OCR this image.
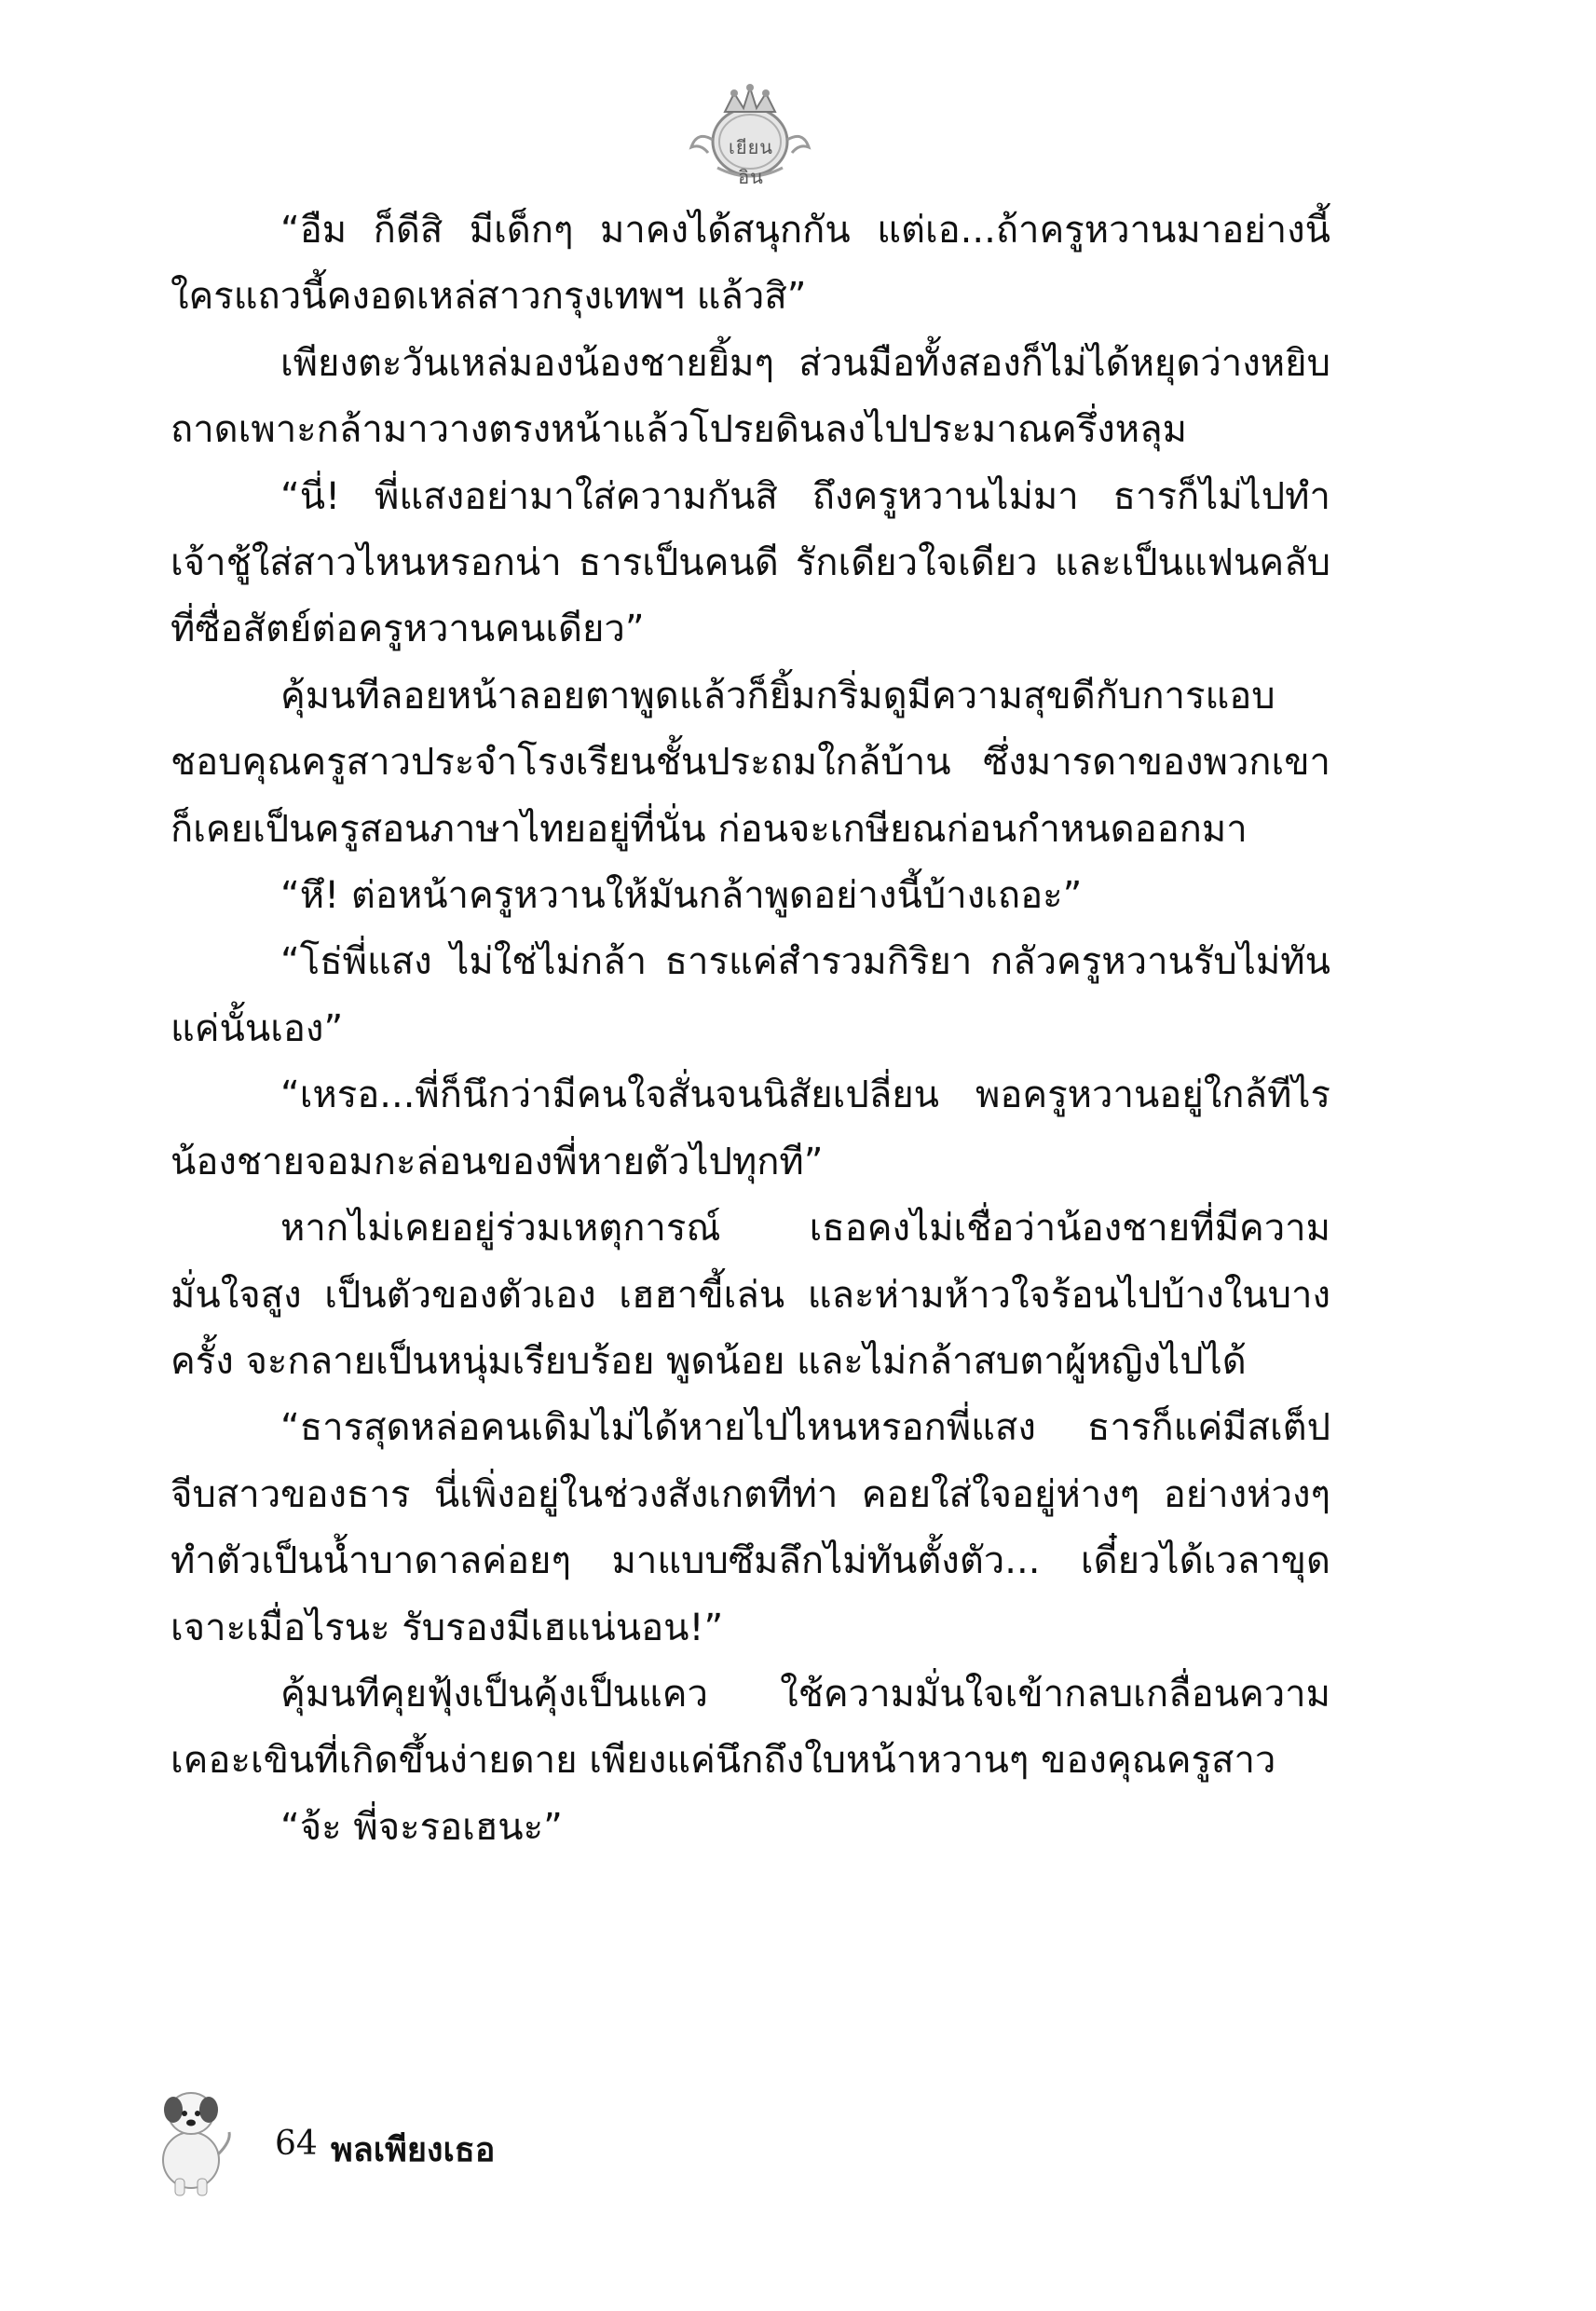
เยียนอิน

“อืม ก็ดีสิ มีเด็กๆ มาคงได้สนุกกัน แต่เอ...ถ้าครูหวานมาอย่างนี้ใครแถวนี้คงอดเหล่สาวกรุงเทพฯ แล้วสิ”

เพียงตะวันเหล่มองน้องชายยิ้มๆ ส่วนมือทั้งสองก็ไม่ได้หยุดว่างหยิบถาดเพาะกล้ามาวางตรงหน้าแล้วโปรยดินลงไปประมาณครึ่งหลุม

“นี่! พี่แสงอย่ามาใส่ความกันสิ ถึงครูหวานไม่มา ธารก็ไม่ไปทำเจ้าชู้ใส่สาวไหนหรอกน่า ธารเป็นคนดี รักเดียวใจเดียว และเป็นแฟนคลับที่ซื่อสัตย์ต่อครูหวานคนเดียว”

คุ้มนทีลอยหน้าลอยตาพูดแล้วก็ยิ้มกริ่มดูมีความสุขดีกับการแอบชอบคุณครูสาวประจำโรงเรียนชั้นประถมใกล้บ้าน ซึ่งมารดาของพวกเขาก็เคยเป็นครูสอนภาษาไทยอยู่ที่นั่น ก่อนจะเกษียณก่อนกำหนดออกมา

“หึ! ต่อหน้าครูหวานให้มันกล้าพูดอย่างนี้บ้างเถอะ”

“โธ่พี่แสง ไม่ใช่ไม่กล้า ธารแค่สำรวมกิริยา กลัวครูหวานรับไม่ทันแค่นั้นเอง”

“เหรอ...พี่ก็นึกว่ามีคนใจสั่นจนนิสัยเปลี่ยน พอครูหวานอยู่ใกล้ทีไร น้องชายจอมกะล่อนของพี่หายตัวไปทุกที”

หากไม่เคยอยู่ร่วมเหตุการณ์ เธอคงไม่เชื่อว่าน้องชายที่มีความมั่นใจสูง เป็นตัวของตัวเอง เฮฮาขี้เล่น และห่ามห้าวใจร้อนไปบ้างในบางครั้ง จะกลายเป็นหนุ่มเรียบร้อย พูดน้อย และไม่กล้าสบตาผู้หญิงไปได้

“ธารสุดหล่อคนเดิมไม่ได้หายไปไหนหรอกพี่แสง ธารก็แค่มีสเต็ปจีบสาวของธาร นี่เพิ่งอยู่ในช่วงสังเกตทีท่า คอยใส่ใจอยู่ห่างๆ อย่างห่วงๆ ทำตัวเป็นน้ำบาดาลค่อยๆ มาแบบซึมลึกไม่ทันตั้งตัว... เดี๋ยวได้เวลาขุดเจาะเมื่อไรนะ รับรองมีเฮแน่นอน!”

คุ้มนทีคุยฟุ้งเป็นคุ้งเป็นแคว ใช้ความมั่นใจเข้ากลบเกลื่อนความเคอะเขินที่เกิดขึ้นง่ายดาย เพียงแค่นึกถึงใบหน้าหวานๆ ของคุณครูสาว

“จ้ะ พี่จะรอเฮนะ”

64 พลเพียงเธอ
